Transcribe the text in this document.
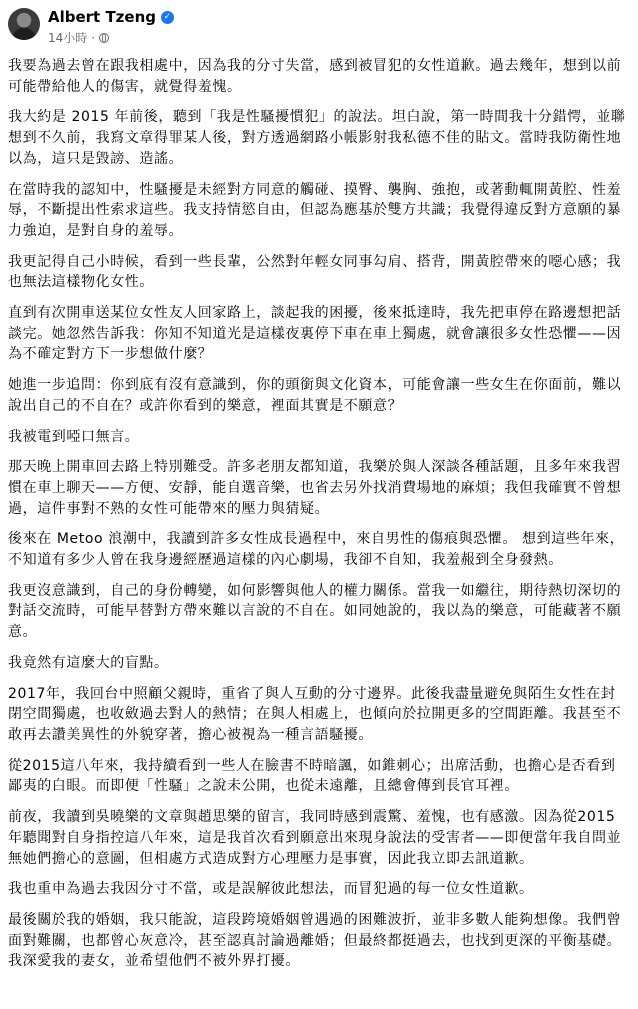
Albert Tzeng ✓
14小時 ·

我要為過去曾在跟我相處中，因為我的分寸失當，感到被冒犯的女性道歉。過去幾年，想到以前可能帶給他人的傷害，就覺得羞愧。

我大約是 2015 年前後，聽到「我是性騷擾慣犯」的說法。坦白說，第一時間我十分錯愕，並聯想到不久前，我寫文章得罪某人後，對方透過網路小帳影射我私德不佳的貼文。當時我防衛性地以為，這只是毀謗、造謠。

在當時我的認知中，性騷擾是未經對方同意的觸碰、摸臀、襲胸、強抱，或著動輒開黃腔、性羞辱，不斷提出性索求這些。我支持情慾自由，但認為應基於雙方共識；我覺得違反對方意願的暴力強迫，是對自身的羞辱。

我更記得自己小時候，看到一些長輩，公然對年輕女同事勾肩、搭背，開黃腔帶來的噁心感；我也無法這樣物化女性。

直到有次開車送某位女性友人回家路上，談起我的困擾，後來抵達時，我先把車停在路邊想把話談完。她忽然告訴我：你知不知道光是這樣夜裏停下車在車上獨處，就會讓很多女性恐懼——因為不確定對方下一步想做什麼？

她進一步追問：你到底有沒有意識到，你的頭銜與文化資本，可能會讓一些女生在你面前，難以說出自己的不自在？或許你看到的樂意，裡面其實是不願意？

我被電到啞口無言。

那天晚上開車回去路上特別難受。許多老朋友都知道，我樂於與人深談各種話題，且多年來我習慣在車上聊天——方便、安靜，能自選音樂，也省去另外找消費場地的麻煩；我但我確實不曾想過，這件事對不熟的女性可能帶來的壓力與猜疑。

後來在 Metoo 浪潮中，我讀到許多女性成長過程中，來自男性的傷痕與恐懼。 想到這些年來，不知道有多少人曾在我身邊經歷過這樣的內心劇場，我卻不自知，我羞赧到全身發熱。

我更沒意識到，自己的身份轉變，如何影響與他人的權力關係。當我一如繼往，期待熱切深切的對話交流時，可能早替對方帶來難以言說的不自在。如同她說的，我以為的樂意，可能藏著不願意。

我竟然有這麼大的盲點。

2017年，我回台中照顧父親時，重省了與人互動的分寸邊界。此後我盡量避免與陌生女性在封閉空間獨處，也收斂過去對人的熱情；在與人相處上，也傾向於拉開更多的空間距離。我甚至不敢再去讚美異性的外貌穿著，擔心被視為一種言語騷擾。

從2015這八年來，我持續看到一些人在臉書不時暗諷，如錐刺心；出席活動，也擔心是否看到鄙夷的白眼。而即便「性騷」之說未公開，也從未遠離，且總會傳到長官耳裡。

前夜，我讀到吳曉樂的文章與趙思樂的留言，我同時感到震驚、羞愧，也有感激。因為從2015年聽聞對自身指控這八年來，這是我首次看到願意出來現身說法的受害者——即便當年我自問並無她們擔心的意圖，但相處方式造成對方心理壓力是事實，因此我立即去訊道歉。

我也重申為過去我因分寸不當，或是誤解彼此想法，而冒犯過的每一位女性道歉。

最後關於我的婚姻，我只能說，這段跨境婚姻曾遇過的困難波折，並非多數人能夠想像。我們曾面對難關，也都曾心灰意冷，甚至認真討論過離婚；但最終都挺過去，也找到更深的平衡基礎。我深愛我的妻女，並希望他們不被外界打擾。
